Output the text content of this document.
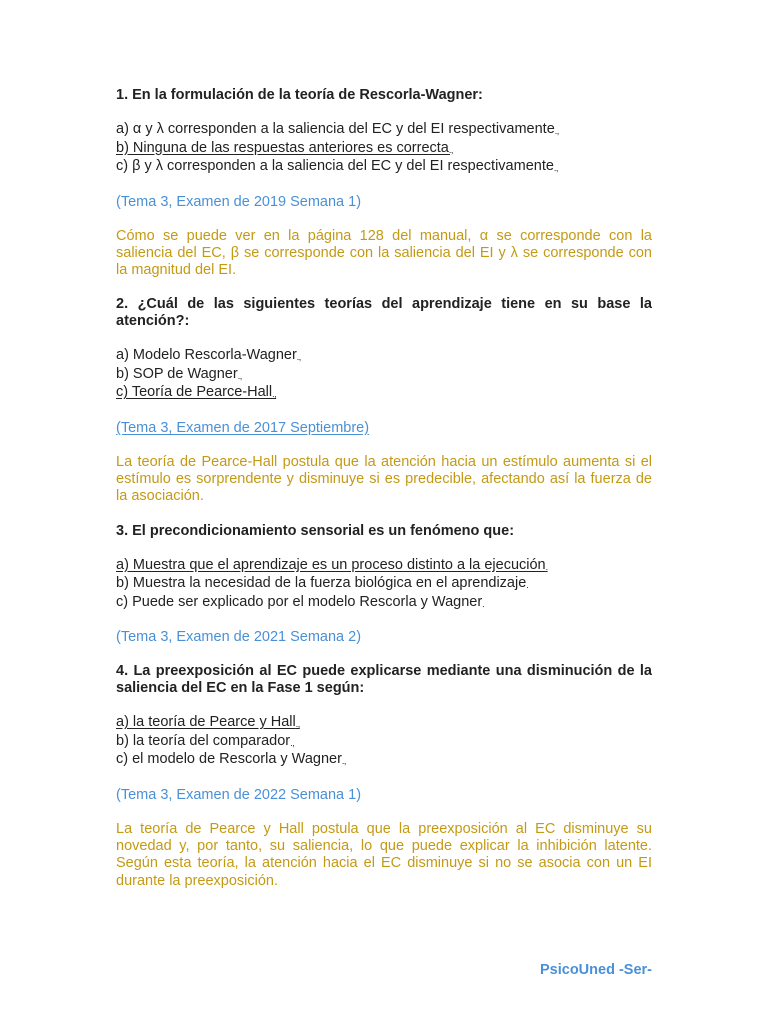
1. En la formulación de la teoría de Rescorla-Wagner:

a) α y λ corresponden a la saliencia del EC y del EI respectivamente.,
b) Ninguna de las respuestas anteriores es correcta.,
c) β y λ corresponden a la saliencia del EC y del EI respectivamente.,
(Tema 3, Examen de 2019 Semana 1)
Cómo se puede ver en la página 128 del manual, α se corresponde con la saliencia del EC, β se corresponde con la saliencia del EI y λ se corresponde con la magnitud del EI.

2. ¿Cuál de las siguientes teorías del aprendizaje tiene en su base la atención?:

a) Modelo Rescorla-Wagner.,
b) SOP de Wagner.,
c) Teoría de Pearce-Hall.,
(Tema 3, Examen de 2017 Septiembre)
La teoría de Pearce-Hall postula que la atención hacia un estímulo aumenta si el estímulo es sorprendente y disminuye si es predecible, afectando así la fuerza de la asociación.

3. El precondicionamiento sensorial es un fenómeno que:

a) Muestra que el aprendizaje es un proceso distinto a la ejecución.
b) Muestra la necesidad de la fuerza biológica en el aprendizaje.
c) Puede ser explicado por el modelo Rescorla y Wagner.
(Tema 3, Examen de 2021 Semana 2)

4. La preexposición al EC puede explicarse mediante una disminución de la saliencia del EC en la Fase 1 según:

a) la teoría de Pearce y Hall.,
b) la teoría del comparador.,
c) el modelo de Rescorla y Wagner.,
(Tema 3, Examen de 2022 Semana 1)
La teoría de Pearce y Hall postula que la preexposición al EC disminuye su novedad y, por tanto, su saliencia, lo que puede explicar la inhibición latente. Según esta teoría, la atención hacia el EC disminuye si no se asocia con un EI durante la preexposición.
PsicoUned -Ser-
